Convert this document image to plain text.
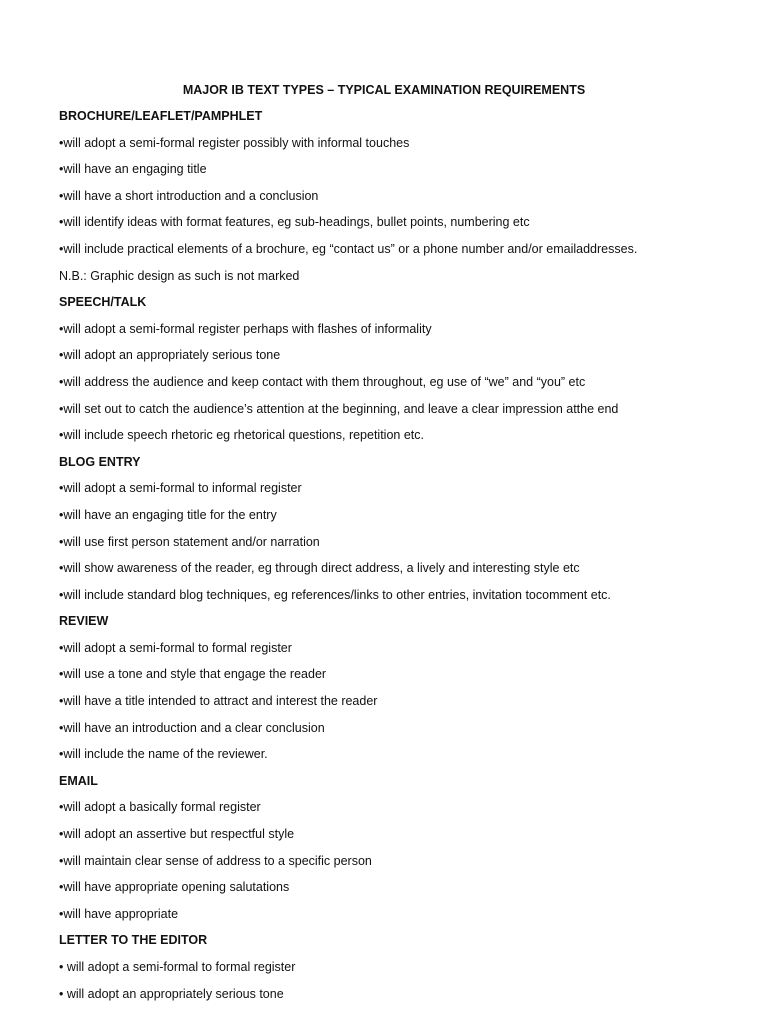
MAJOR IB TEXT TYPES – TYPICAL EXAMINATION REQUIREMENTS
BROCHURE/LEAFLET/PAMPHLET
•will adopt a semi-formal register possibly with informal touches
•will have an engaging title
•will have a short introduction and a conclusion
•will identify ideas with format features, eg sub-headings, bullet points, numbering etc
•will include practical elements of a brochure, eg “contact us” or a phone number and/or emailaddresses.
N.B.: Graphic design as such is not marked
SPEECH/TALK
•will adopt a semi-formal register perhaps with flashes of informality
•will adopt an appropriately serious tone
•will address the audience and keep contact with them throughout, eg use of “we” and “you” etc
•will set out to catch the audience’s attention at the beginning, and leave a clear impression atthe end
•will include speech rhetoric eg rhetorical questions, repetition etc.
BLOG ENTRY
•will adopt a semi-formal to informal register
•will have an engaging title for the entry
•will use first person statement and/or narration
•will show awareness of the reader, eg through direct address, a lively and interesting style etc
•will include standard blog techniques, eg references/links to other entries, invitation tocomment etc.
REVIEW
•will adopt a semi-formal to formal register
•will use a tone and style that engage the reader
•will have a title intended to attract and interest the reader
•will have an introduction and a clear conclusion
•will include the name of the reviewer.
EMAIL
•will adopt a basically formal register
•will adopt an assertive but respectful style
•will maintain clear sense of address to a specific person
•will have appropriate opening salutations
•will have appropriate
LETTER TO THE EDITOR
• will adopt a semi-formal to formal register
• will adopt an appropriately serious tone
